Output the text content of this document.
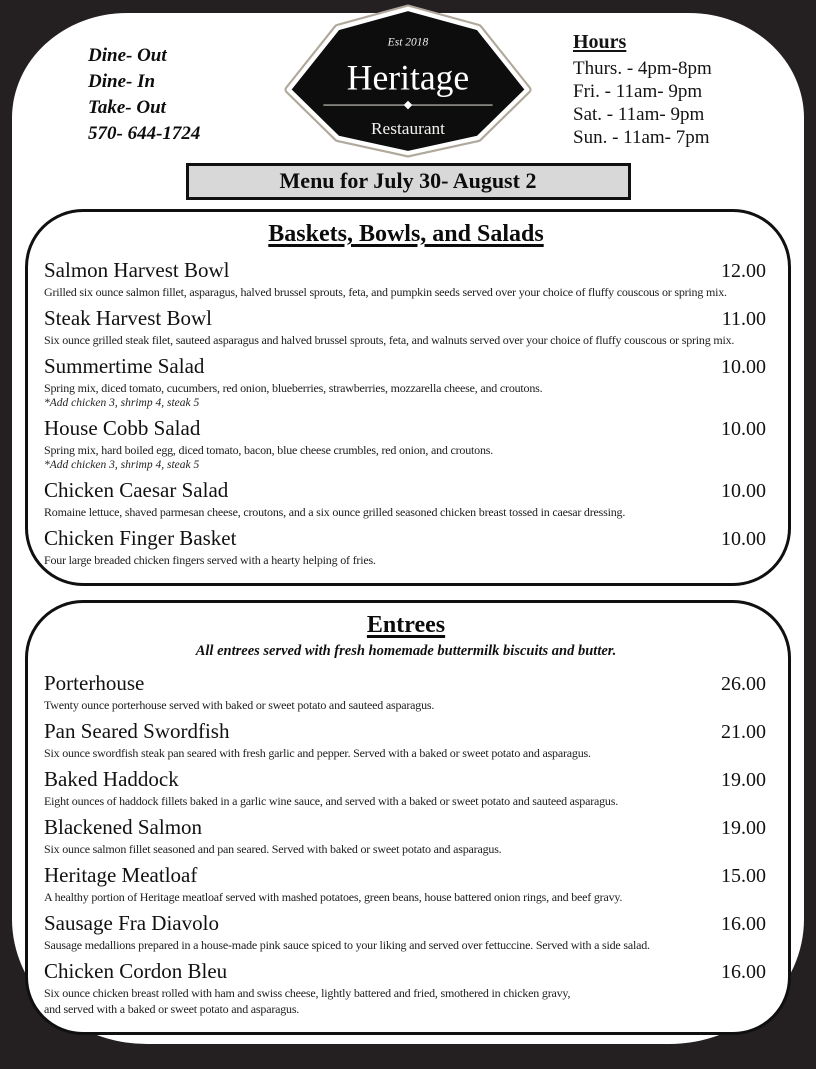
Dine- Out
Dine- In
Take- Out
570- 644-1724
Est 2018
Heritage
Restaurant
Hours
Thurs. - 4pm-8pm
Fri. - 11am- 9pm
Sat. - 11am- 9pm
Sun. - 11am- 7pm
Menu for July 30- August 2
Baskets, Bowls, and Salads
Salmon Harvest Bowl	12.00
Grilled six ounce salmon fillet, asparagus, halved brussel sprouts, feta, and pumpkin seeds served over your choice of fluffy couscous or spring mix.
Steak Harvest Bowl	11.00
Six ounce grilled steak filet, sauteed asparagus and halved brussel sprouts, feta, and walnuts served over your choice of fluffy couscous or spring mix.
Summertime Salad	10.00
Spring mix, diced tomato, cucumbers, red onion, blueberries, strawberries, mozzarella cheese, and croutons.
*Add chicken 3, shrimp 4, steak 5
House Cobb Salad	10.00
Spring mix, hard boiled egg, diced tomato, bacon, blue cheese crumbles, red onion, and croutons.
*Add chicken 3, shrimp 4, steak 5
Chicken Caesar Salad	10.00
Romaine lettuce, shaved parmesan cheese, croutons, and a six ounce grilled seasoned chicken breast tossed in caesar dressing.
Chicken Finger Basket	10.00
Four large breaded chicken fingers served with a hearty helping of fries.
Entrees
All entrees served with fresh homemade buttermilk biscuits and butter.
Porterhouse	26.00
Twenty ounce porterhouse served with baked or sweet potato and sauteed asparagus.
Pan Seared Swordfish	21.00
Six ounce swordfish steak pan seared with fresh garlic and pepper. Served with a baked or sweet potato and asparagus.
Baked Haddock	19.00
Eight ounces of haddock fillets baked in a garlic wine sauce, and served with a baked or sweet potato and sauteed asparagus.
Blackened Salmon	19.00
Six ounce salmon fillet seasoned and pan seared. Served with baked or sweet potato and asparagus.
Heritage Meatloaf	15.00
A healthy portion of Heritage meatloaf served with mashed potatoes, green beans, house battered onion rings, and beef gravy.
Sausage Fra Diavolo	16.00
Sausage medallions prepared in a house-made pink sauce spiced to your liking and served over fettuccine. Served with a side salad.
Chicken Cordon Bleu	16.00
Six ounce chicken breast rolled with ham and swiss cheese, lightly battered and fried, smothered in chicken gravy,
and served with a baked or sweet potato and asparagus.
